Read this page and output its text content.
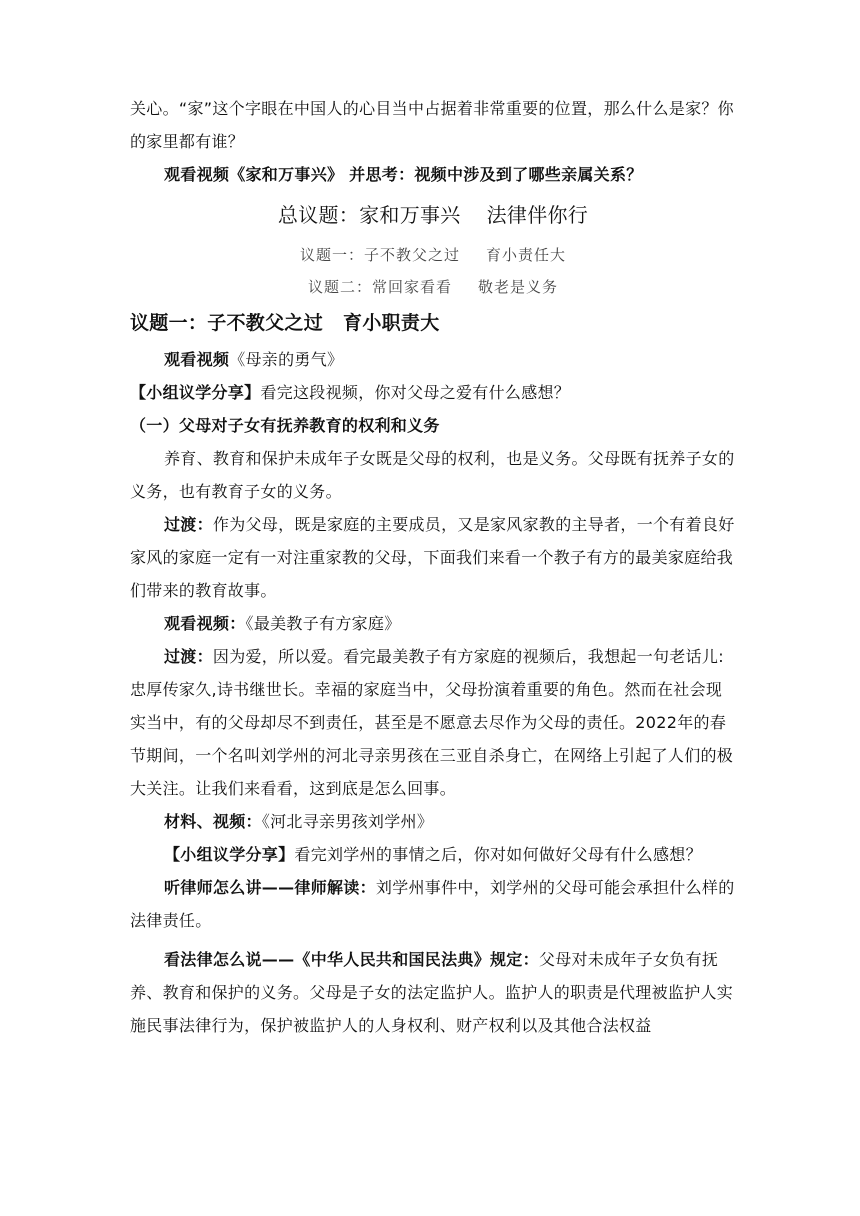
关心。“家”这个字眼在中国人的心目当中占据着非常重要的位置，那么什么是家？你的家里都有谁？

观看视频《家和万事兴》 并思考：视频中涉及到了哪些亲属关系？

总议题：家和万事兴 法律伴你行

议题一：子不教父之过 育小责任大

议题二：常回家看看 敬老是义务

议题一：子不教父之过 育小职责大

观看视频《母亲的勇气》

【小组议学分享】看完这段视频，你对父母之爱有什么感想？

（一）父母对子女有抚养教育的权利和义务

养育、教育和保护未成年子女既是父母的权利，也是义务。父母既有抚养子女的义务，也有教育子女的义务。

过渡：作为父母，既是家庭的主要成员，又是家风家教的主导者，一个有着良好家风的家庭一定有一对注重家教的父母，下面我们来看一个教子有方的最美家庭给我们带来的教育故事。

观看视频：《最美教子有方家庭》

过渡：因为爱，所以爱。看完最美教子有方家庭的视频后，我想起一句老话儿:忠厚传家久,诗书继世长。幸福的家庭当中，父母扮演着重要的角色。然而在社会现实当中，有的父母却尽不到责任，甚至是不愿意去尽作为父母的责任。2022年的春节期间，一个名叫刘学州的河北寻亲男孩在三亚自杀身亡，在网络上引起了人们的极大关注。让我们来看看，这到底是怎么回事。

材料、视频：《河北寻亲男孩刘学州》

【小组议学分享】看完刘学州的事情之后，你对如何做好父母有什么感想？

听律师怎么讲——律师解读：刘学州事件中，刘学州的父母可能会承担什么样的法律责任。

看法律怎么说——《中华人民共和国民法典》规定：父母对未成年子女负有抚养、教育和保护的义务。父母是子女的法定监护人。监护人的职责是代理被监护人实施民事法律行为，保护被监护人的人身权利、财产权利以及其他合法权益
